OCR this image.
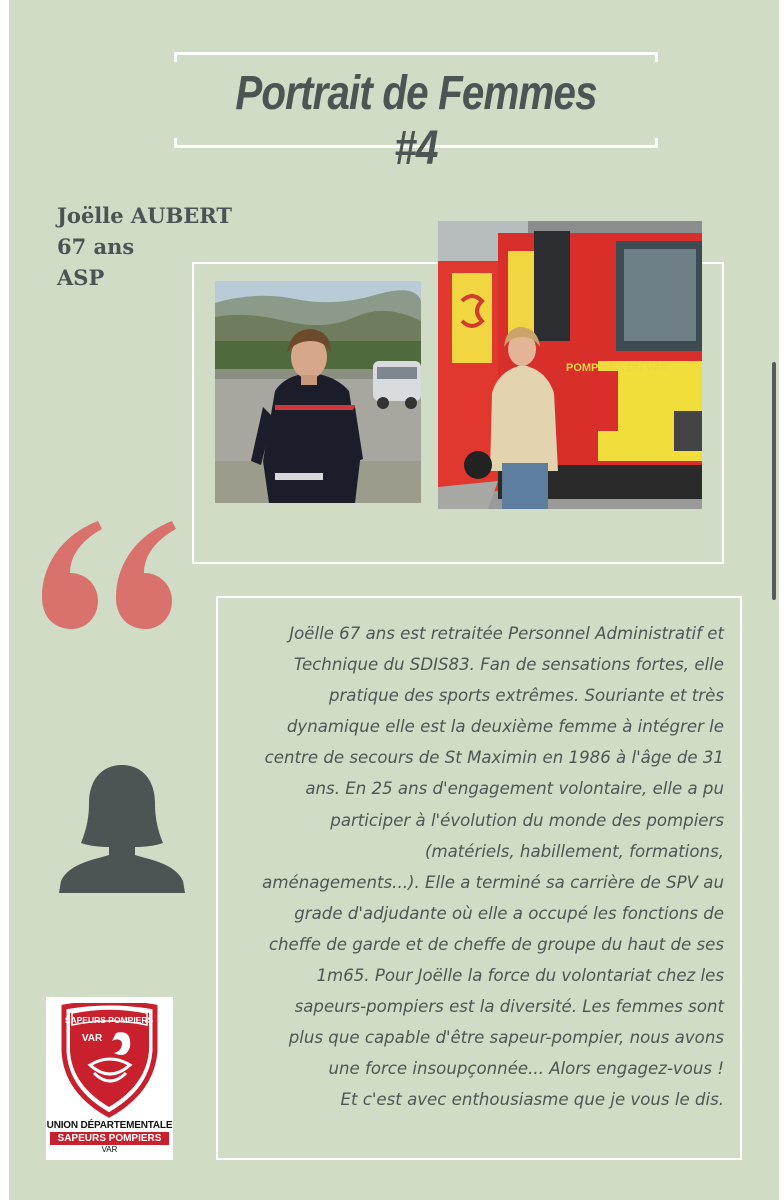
Portrait de Femmes #4
Joëlle AUBERT
67 ans
ASP
POMPIERS DU VAR
Joëlle 67 ans est retraitée Personnel Administratif et
Technique du SDIS83. Fan de sensations fortes, elle
pratique des sports extrêmes. Souriante et très
dynamique elle est la deuxième femme à intégrer le
centre de secours de St Maximin en 1986 à l'âge de 31
ans. En 25 ans d'engagement volontaire, elle a pu
participer à l'évolution du monde des pompiers
(matériels, habillement, formations,
aménagements...). Elle a terminé sa carrière de SPV au
grade d'adjudante où elle a occupé les fonctions de
cheffe de garde et de cheffe de groupe du haut de ses
1m65. Pour Joëlle la force du volontariat chez les
sapeurs-pompiers est la diversité. Les femmes sont
plus que capable d'être sapeur-pompier, nous avons
une force insoupçonnée... Alors engagez-vous !
Et c'est avec enthousiasme que je vous le dis.
SAPEURS POMPIERS
VAR
UNION DÉPARTEMENTALE
SAPEURS POMPIERS
VAR
